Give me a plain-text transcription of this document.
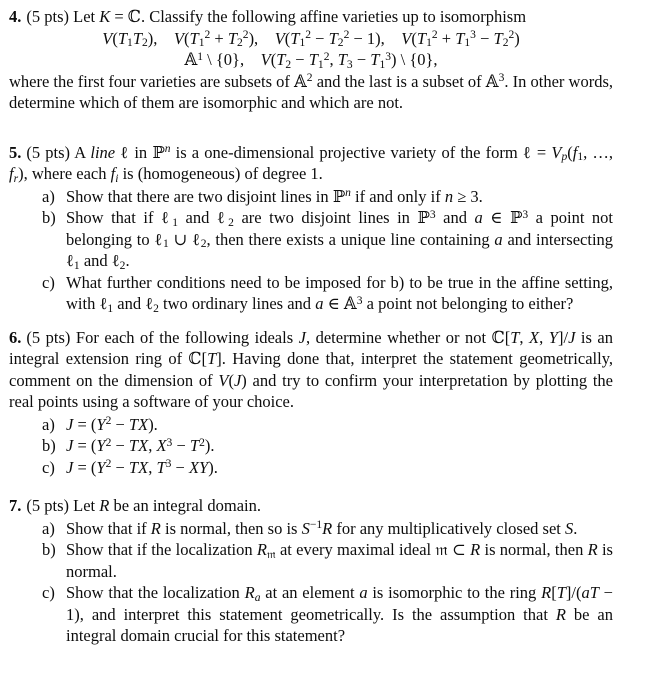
4. (5 pts) Let K = ℂ. Classify the following affine varieties up to isomorphism

$V(T_1T_2)$, $V(T_1^2 + T_2^2)$, $V(T_1^2 - T_2^2 - 1)$, $V(T_1^2 + T_1^3 - T_2^2)$
𝔸$^1$ \ {0}, $V(T_2 - T_1^2$, $T_3 - T_1^3$) \ {0},

where the first four varieties are subsets of 𝔸$^2$ and the last is a subset of 𝔸$^3$. In other words, determine which of them are isomorphic and which are not.

5. (5 pts) A line ℓ in ℙ$^n$ is a one-dimensional projective variety of the form ℓ = $V_p(f_1$, …, $f_r$), where each $f_i$ is (homogeneous) of degree 1.

a) Show that there are two disjoint lines in ℙ$^n$ if and only if n ≥ 3.
b) Show that if ℓ$_1$ and ℓ$_2$ are two disjoint lines in ℙ$^3$ and a ∈ ℙ$^3$ a point not belonging to ℓ$_1$ ∪ ℓ$_2$, then there exists a unique line containing a and intersecting ℓ$_1$ and ℓ$_2$.
c) What further conditions need to be imposed for b) to be true in the affine setting, with ℓ$_1$ and ℓ$_2$ two ordinary lines and a ∈ 𝔸$^3$ a point not belonging to either?

6. (5 pts) For each of the following ideals J, determine whether or not ℂ[T, X, Y]/J is an integral extension ring of ℂ[T]. Having done that, interpret the statement geometrically, comment on the dimension of V(J) and try to confirm your interpretation by plotting the real points using a software of your choice.

a) $J = (Y^2 - TX)$.
b) $J = (Y^2$ − TX, $X^3 - T^2$).
c) $J = (Y^2$ − TX, $T^3 - XY$).

7. (5 pts) Let R be an integral domain.

a) Show that if R is normal, then so is $S^{-1}R$ for any multiplicatively closed set S.
b) Show that if the localization $R_𝔪$ at every maximal ideal 𝔪 ⊂ R is normal, then R is normal.
c) Show that the localization $R_a$ at an element a is isomorphic to the ring R[T]/(aT − 1), and interpret this statement geometrically. Is the assumption that R be an integral domain crucial for this statement?
